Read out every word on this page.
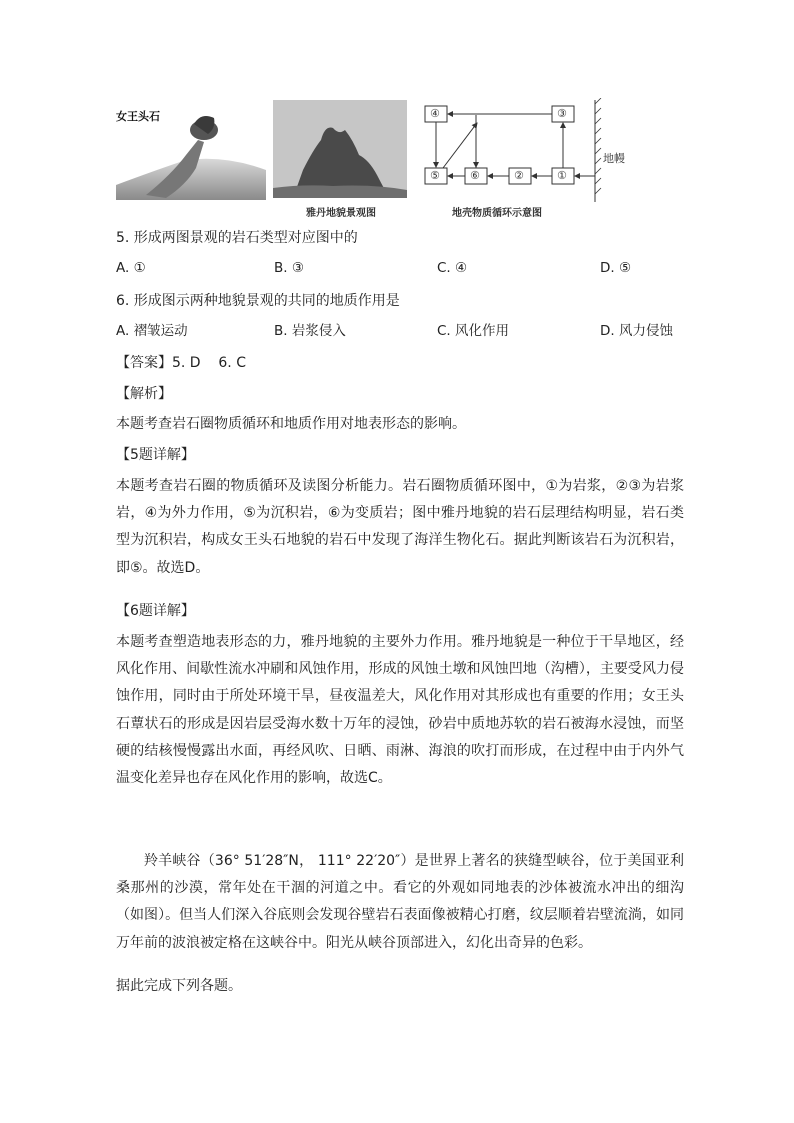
女王头石
雅丹地貌景观图
④	③
⑤	⑥	②	①
地幔
地壳物质循环示意图
5. 形成两图景观的岩石类型对应图中的
A. ①	B. ③	C. ④	D. ⑤
6. 形成图示两种地貌景观的共同的地质作用是
A. 褶皱运动	B. 岩浆侵入	C. 风化作用	D. 风力侵蚀
【答案】5. D    6. C
【解析】
本题考查岩石圈物质循环和地质作用对地表形态的影响。
【5题详解】
本题考查岩石圈的物质循环及读图分析能力。岩石圈物质循环图中，①为岩浆，②③为岩浆岩，④为外力作用，⑤为沉积岩，⑥为变质岩；图中雅丹地貌的岩石层理结构明显，岩石类型为沉积岩，构成女王头石地貌的岩石中发现了海洋生物化石。据此判断该岩石为沉积岩，即⑤。故选D。
【6题详解】
本题考查塑造地表形态的力，雅丹地貌的主要外力作用。雅丹地貌是一种位于干旱地区，经风化作用、间歇性流水冲刷和风蚀作用，形成的风蚀土墩和风蚀凹地（沟槽），主要受风力侵蚀作用，同时由于所处环境干旱，昼夜温差大，风化作用对其形成也有重要的作用；女王头石蕈状石的形成是因岩层受海水数十万年的浸蚀，砂岩中质地苏软的岩石被海水浸蚀，而坚硬的结核慢慢露出水面，再经风吹、日晒、雨淋、海浪的吹打而形成，在过程中由于内外气温变化差异也存在风化作用的影响，故选C。
羚羊峡谷（36° 51′28″N， 111° 22′20″）是世界上著名的狭缝型峡谷，位于美国亚利桑那州的沙漠，常年处在干涸的河道之中。看它的外观如同地表的沙体被流水冲出的细沟（如图）。但当人们深入谷底则会发现谷壁岩石表面像被精心打磨，纹层顺着岩壁流淌，如同万年前的波浪被定格在这峡谷中。阳光从峡谷顶部进入，幻化出奇异的色彩。
据此完成下列各题。
